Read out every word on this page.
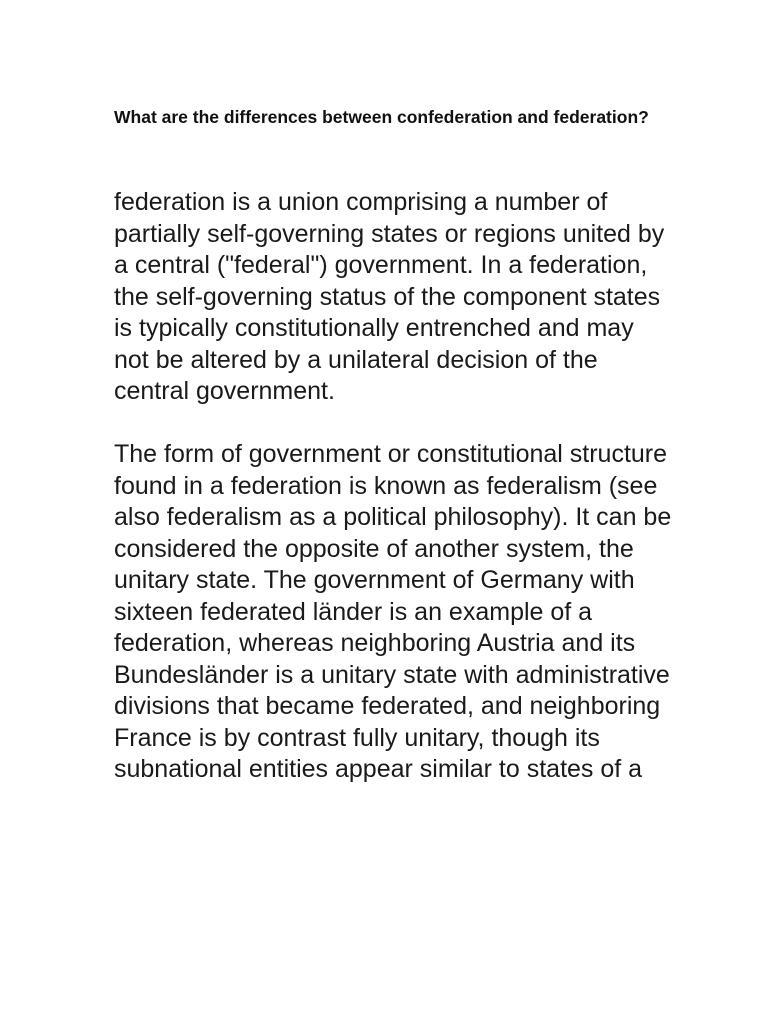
What are the differences between confederation and federation?

federation is a union comprising a number of partially self-governing states or regions united by a central ("federal") government. In a federation, the self-governing status of the component states is typically constitutionally entrenched and may not be altered by a unilateral decision of the central government.

The form of government or constitutional structure found in a federation is known as federalism (see also federalism as a political philosophy). It can be considered the opposite of another system, the unitary state. The government of Germany with sixteen federated länder is an example of a federation, whereas neighboring Austria and its Bundesländer is a unitary state with administrative divisions that became federated, and neighboring France is by contrast fully unitary, though its subnational entities appear similar to states of a
